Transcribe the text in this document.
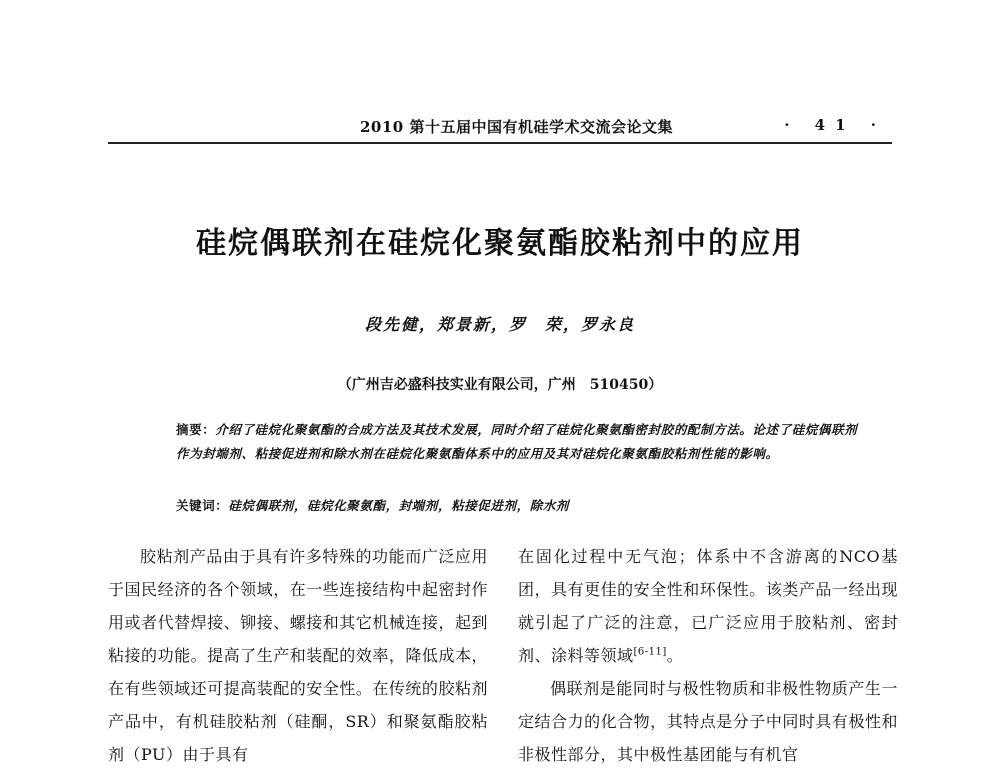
2010 第十五届中国有机硅学术交流会论文集	· 41 ·
硅烷偶联剂在硅烷化聚氨酯胶粘剂中的应用
段先健，郑景新，罗　荣，罗永良
（广州吉必盛科技实业有限公司，广州　510450）
摘要：介绍了硅烷化聚氨酯的合成方法及其技术发展，同时介绍了硅烷化聚氨酯密封胶的配制方法。论述了硅烷偶联剂作为封端剂、粘接促进剂和除水剂在硅烷化聚氨酯体系中的应用及其对硅烷化聚氨酯胶粘剂性能的影响。
关键词：硅烷偶联剂，硅烷化聚氨酯，封端剂，粘接促进剂，除水剂

胶粘剂产品由于具有许多特殊的功能而广泛应用于国民经济的各个领域，在一些连接结构中起密封作用或者代替焊接、铆接、螺接和其它机械连接，起到粘接的功能。提高了生产和装配的效率，降低成本，在有些领域还可提高装配的安全性。在传统的胶粘剂产品中，有机硅胶粘剂（硅酮，SR）和聚氨酯胶粘剂（PU）由于具有

在固化过程中无气泡；体系中不含游离的NCO基团，具有更佳的安全性和环保性。该类产品一经出现就引起了广泛的注意，已广泛应用于胶粘剂、密封剂、涂料等领域[6-11]。

偶联剂是能同时与极性物质和非极性物质产生一定结合力的化合物，其特点是分子中同时具有极性和非极性部分，其中极性基团能与有机官
